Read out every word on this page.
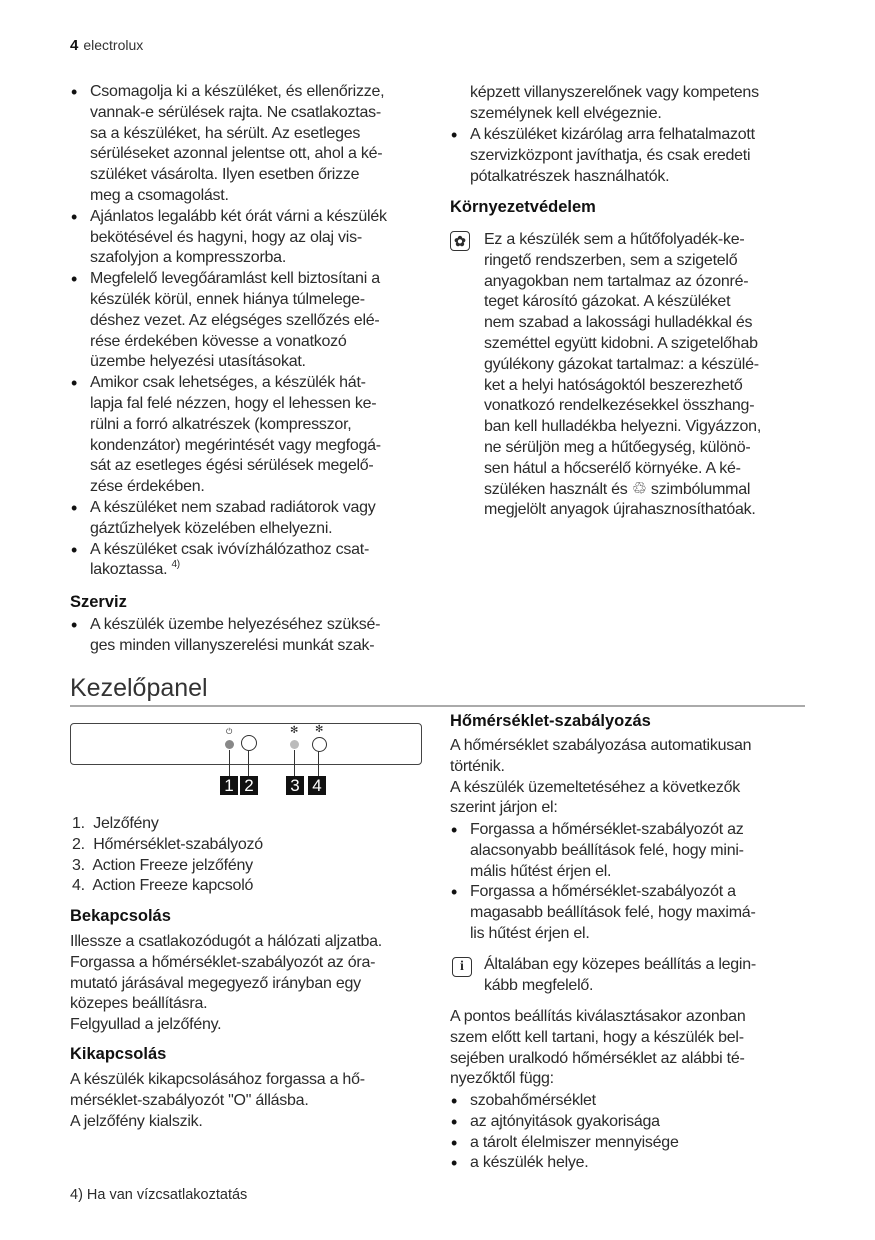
4 electrolux
• Csomagolja ki a készüléket, és ellenőrizze,
vannak-e sérülések rajta. Ne csatlakoztas-
sa a készüléket, ha sérült. Az esetleges
sérüléseket azonnal jelentse ott, ahol a ké-
szüléket vásárolta. Ilyen esetben őrizze
meg a csomagolást.
• Ajánlatos legalább két órát várni a készülék
bekötésével és hagyni, hogy az olaj vis-
szafolyjon a kompresszorba.
• Megfelelő levegőáramlást kell biztosítani a
készülék körül, ennek hiánya túlmelege-
déshez vezet. Az elégséges szellőzés elé-
rése érdekében kövesse a vonatkozó
üzembe helyezési utasításokat.
• Amikor csak lehetséges, a készülék hát-
lapja fal felé nézzen, hogy el lehessen ke-
rülni a forró alkatrészek (kompresszor,
kondenzátor) megérintését vagy megfogá-
sát az esetleges égési sérülések megelő-
zése érdekében.
• A készüléket nem szabad radiátorok vagy
gáztűzhelyek közelében elhelyezni.
• A készüléket csak ivóvízhálózathoz csat-
lakoztassa. $^{4)}$
Szerviz
• A készülék üzembe helyezéséhez szüksé-
ges minden villanyszerelési munkát szak-
képzett villanyszerelőnek vagy kompetens
személynek kell elvégeznie.
• A készüléket kizárólag arra felhatalmazott
szervizközpont javíthatja, és csak eredeti
pótalkatrészek használhatók.
Környezetvédelem
✿ Ez a készülék sem a hűtőfolyadék-ke-
ringető rendszerben, sem a szigetelő
anyagokban nem tartalmaz az ózonré-
teget károsító gázokat. A készüléket
nem szabad a lakossági hulladékkal és
szeméttel együtt kidobni. A szigetelőhab
gyúlékony gázokat tartalmaz: a készülé-
ket a helyi hatóságoktól beszerezhető
vonatkozó rendelkezésekkel összhang-
ban kell hulladékba helyezni. Vigyázzon,
ne sérüljön meg a hűtőegység, különö-
sen hátul a hőcserélő környéke. A ké-
szüléken használt és ♲ szimbólummal
megjelölt anyagok újrahasznosíthatóak.
Kezelőpanel
⏻	✻ ✻
1 2 3 4
1.  Jelzőfény
2.  Hőmérséklet-szabályozó
3.  Action Freeze jelzőfény
4.  Action Freeze kapcsoló
Bekapcsolás
Illessze a csatlakozódugót a hálózati aljzatba.
Forgassa a hőmérséklet-szabályozót az óra-
mutató járásával megegyező irányban egy
közepes beállításra.
Felgyullad a jelzőfény.
Kikapcsolás
A készülék kikapcsolásához forgassa a hő-
mérséklet-szabályozót "O" állásba.
A jelzőfény kialszik.
Hőmérséklet-szabályozás
A hőmérséklet szabályozása automatikusan
történik.
A készülék üzemeltetéséhez a következők
szerint járjon el:
• Forgassa a hőmérséklet-szabályozót az
alacsonyabb beállítások felé, hogy mini-
mális hűtést érjen el.
• Forgassa a hőmérséklet-szabályozót a
magasabb beállítások felé, hogy maximá-
lis hűtést érjen el.
i	Általában egy közepes beállítás a legin-
kább megfelelő.
A pontos beállítás kiválasztásakor azonban
szem előtt kell tartani, hogy a készülék bel-
sejében uralkodó hőmérséklet az alábbi té-
nyezőktől függ:
• szobahőmérséklet
• az ajtónyitások gyakorisága
• a tárolt élelmiszer mennyisége
• a készülék helye.
4) Ha van vízcsatlakoztatás
